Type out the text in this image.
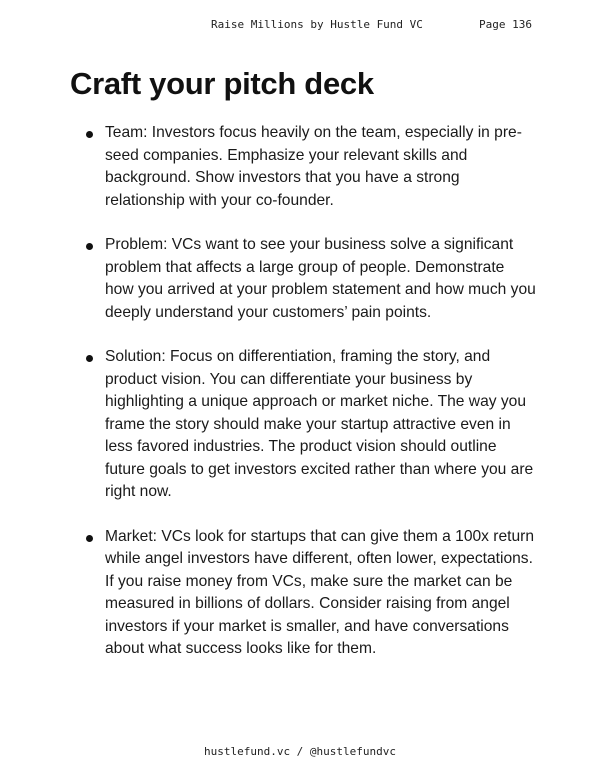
Raise Millions by Hustle Fund VC	Page 136
Craft your pitch deck
Team: Investors focus heavily on the team, especially in pre-seed companies. Emphasize your relevant skills and background. Show investors that you have a strong relationship with your co-founder.
Problem: VCs want to see your business solve a significant problem that affects a large group of people. Demonstrate how you arrived at your problem statement and how much you deeply understand your customers’ pain points.
Solution: Focus on differentiation, framing the story, and product vision. You can differentiate your business by highlighting a unique approach or market niche. The way you frame the story should make your startup attractive even in less favored industries. The product vision should outline future goals to get investors excited rather than where you are right now.
Market: VCs look for startups that can give them a 100x return while angel investors have different, often lower, expectations. If you raise money from VCs, make sure the market can be measured in billions of dollars. Consider raising from angel investors if your market is smaller, and have conversations about what success looks like for them.
hustlefund.vc / @hustlefundvc
